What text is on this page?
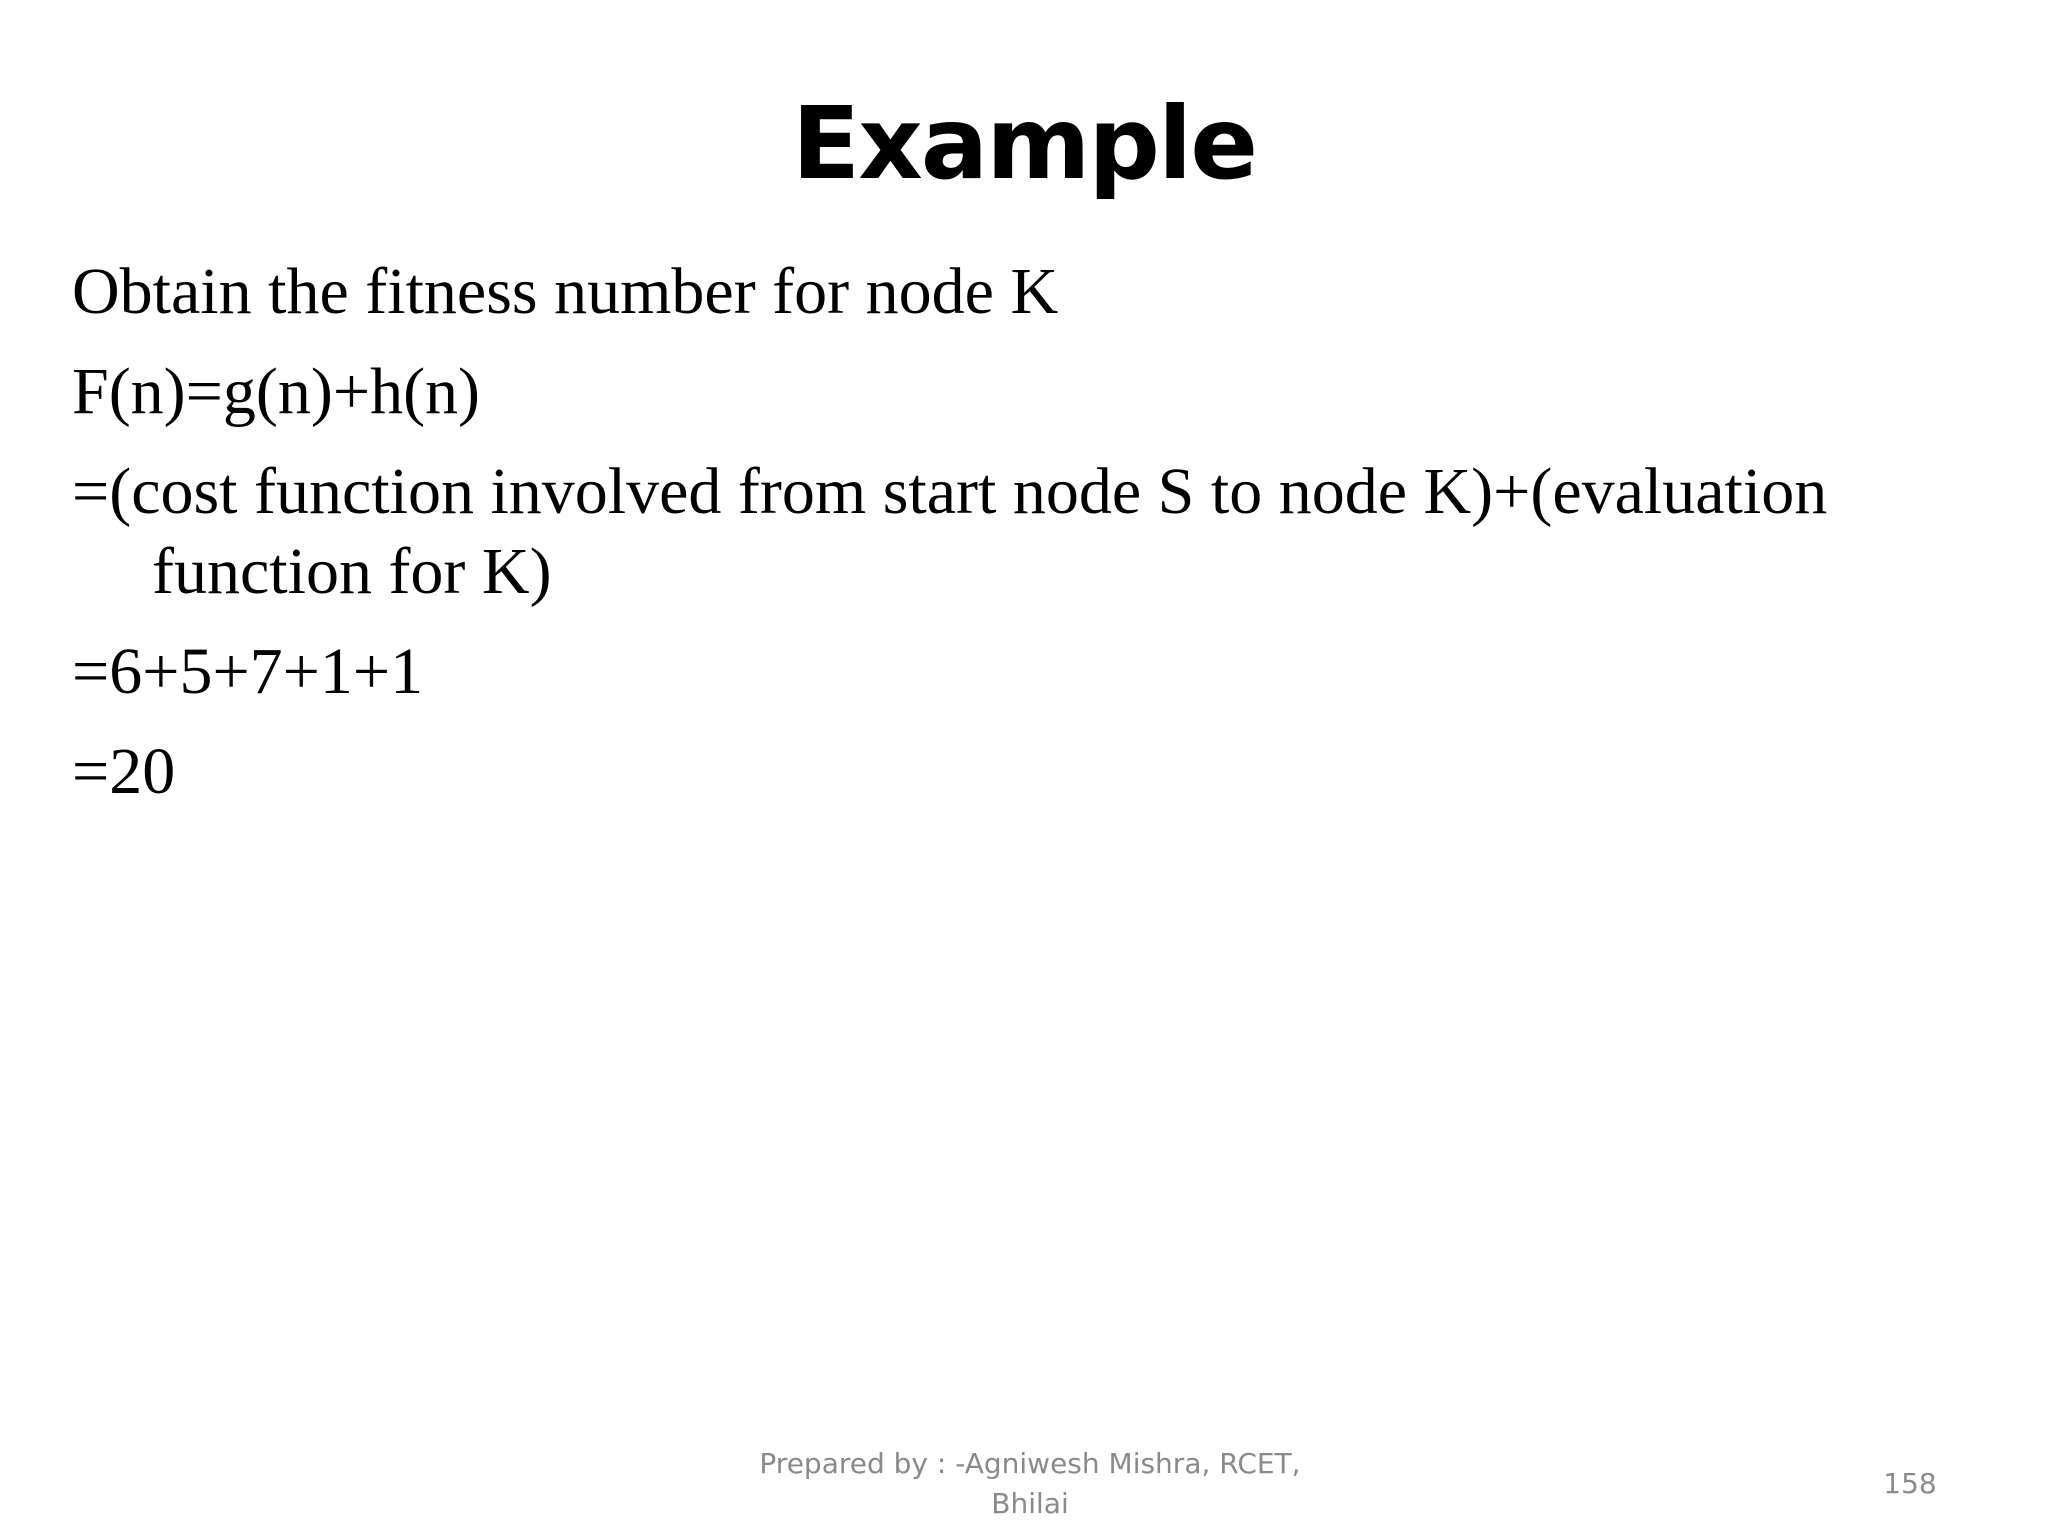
Example
Obtain the fitness number for node K
F(n)=g(n)+h(n)
=(cost function involved from start node S to node K)+(evaluation function for K)
=6+5+7+1+1
=20
Prepared by : -Agniwesh Mishra, RCET,
Bhilai
158
